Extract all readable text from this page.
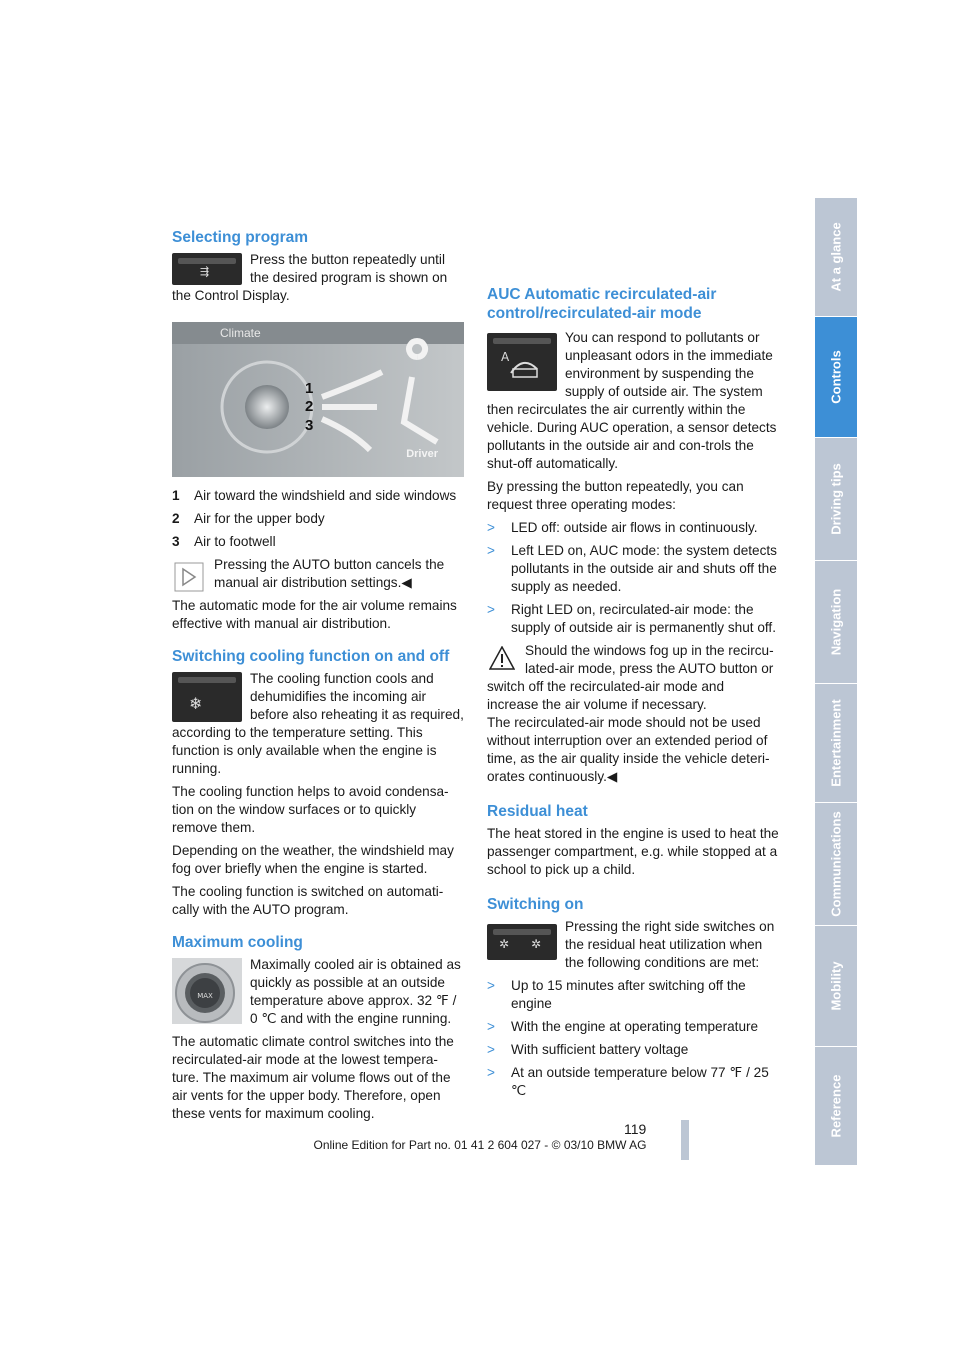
Selecting program
⇶

Press the button repeatedly until the desired program is shown on the Control Display.

Climate
Driver
1
2
3
1	Air toward the windshield and side windows
2	Air for the upper body
3	Air to footwell

Pressing the AUTO button cancels the manual air distribution settings.◀

The automatic mode for the air volume remains effective with manual air distribution.

Switching cooling function on and off
❄

The cooling function cools and dehumidifies the incoming air before also reheating it as required, according to the temperature setting. This function is only available when the engine is running.

The cooling function helps to avoid condensa-tion on the window surfaces or to quickly remove them.

Depending on the weather, the windshield may fog over briefly when the engine is started.

The cooling function is switched on automati-cally with the AUTO program.

Maximum cooling
MAX

Maximally cooled air is obtained as quickly as possible at an outside temperature above approx. 32 ℉ / 0 ℃ and with the engine running.

The automatic climate control switches into the recirculated-air mode at the lowest tempera-ture. The maximum air volume flows out of the air vents for the upper body. Therefore, open these vents for maximum cooling.

AUC Automatic recirculated-air control/recirculated-air mode
A

You can respond to pollutants or unpleasant odors in the immediate environment by suspending the supply of outside air. The system then recirculates the air currently within the vehicle. During AUC operation, a sensor detects pollutants in the outside air and con-trols the shut-off automatically.

By pressing the button repeatedly, you can request three operating modes:

>	LED off: outside air flows in continuously.
>	Left LED on, AUC mode: the system detects pollutants in the outside air and shuts off the supply as needed.
>	Right LED on, recirculated-air mode: the supply of outside air is permanently shut off.

Should the windows fog up in the recircu-lated-air mode, press the AUTO button or switch off the recirculated-air mode and increase the air volume if necessary.

The recirculated-air mode should not be used without interruption over an extended period of time, as the air quality inside the vehicle deteri-orates continuously.◀

Residual heat

The heat stored in the engine is used to heat the passenger compartment, e.g. while stopped at a school to pick up a child.

Switching on
✲ ✲

Pressing the right side switches on the residual heat utilization when the following conditions are met:

>	Up to 15 minutes after switching off the engine
>	With the engine at operating temperature
>	With sufficient battery voltage
>	At an outside temperature below 77 ℉ / 25 ℃
At a glance
Controls
Driving tips
Navigation
Entertainment
Communications
Mobility
Reference
119
Online Edition for Part no. 01 41 2 604 027 - © 03/10 BMW AG
